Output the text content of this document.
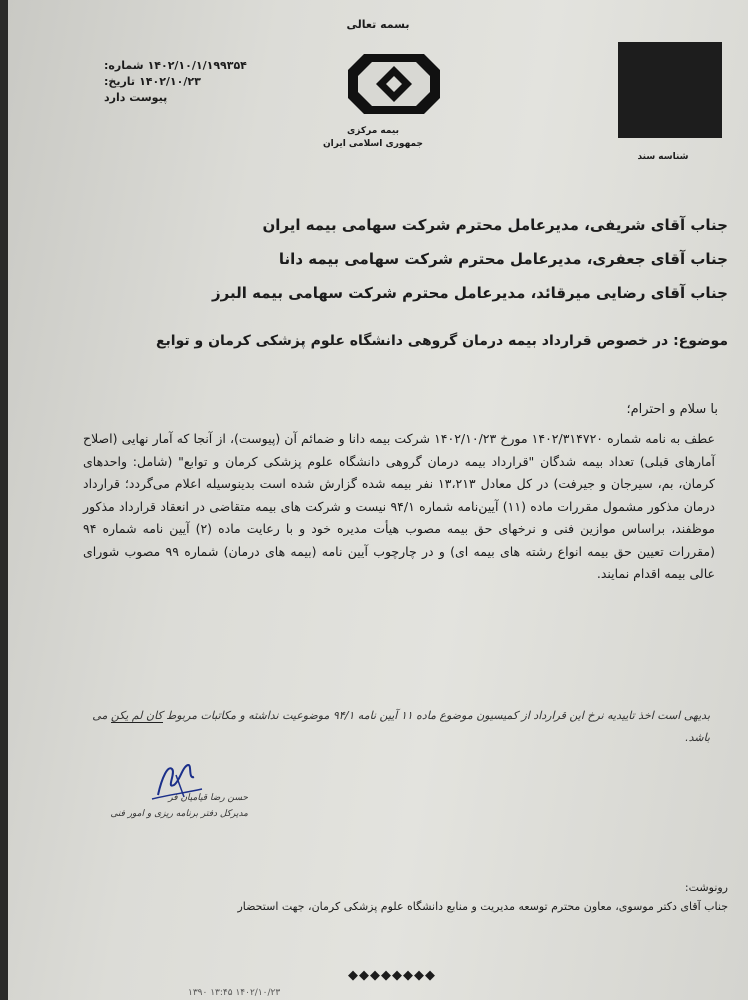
بسمه تعالی
شماره: ۱۴۰۲/۱۰/۱/۱۹۹۳۵۴
تاریخ: ۱۴۰۲/۱۰/۲۳
پیوست دارد
بیمه مرکزی
جمهوری اسلامی ایران
شناسه سند
جناب آقای شریفی، مدیرعامل محترم شرکت سهامی بیمه ایران
جناب آقای جعفری، مدیرعامل محترم شرکت سهامی بیمه دانا
جناب آقای رضایی میرقائد، مدیرعامل محترم شرکت سهامی بیمه البرز
موضوع: در خصوص قرارداد بیمه درمان گروهی دانشگاه علوم پزشکی کرمان و توابع
با سلام و احترام؛
عطف به نامه شماره ۱۴۰۲/۳۱۴۷۲۰ مورخ ۱۴۰۲/۱۰/۲۳ شرکت بیمه دانا و ضمائم آن (پیوست)، از آنجا که آمار نهایی (اصلاح آمارهای قبلی) تعداد بیمه شدگان "قرارداد بیمه درمان گروهی دانشگاه علوم پزشکی کرمان و توابع" (شامل: واحدهای کرمان، بم، سیرجان و جیرفت) در کل معادل ۱۳،۲۱۳ نفر بیمه شده گزارش شده است بدینوسیله اعلام می‌گردد؛ قرارداد درمان مذکور مشمول مقررات ماده (۱۱) آیین‌نامه شماره ۹۴/۱ نیست و شرکت های بیمه متقاضی در انعقاد قرارداد مذکور موظفند، براساس موازین فنی و نرخهای حق بیمه مصوب هیأت مدیره خود و با رعایت ماده (۲) آیین نامه شماره ۹۴ (مقررات تعیین حق بیمه انواع رشته های بیمه ای) و در چارچوب آیین نامه (بیمه های درمان) شماره ۹۹ مصوب شورای عالی بیمه اقدام نمایند.
بدیهی است اخذ تاییدیه نرخ این قرارداد از کمیسیون موضوع ماده ۱۱ آیین نامه ۹۴/۱ موضوعیت نداشته و مکاتبات مربوط کان لم یکن می باشد.
حسن رضا قیامیان فر
مدیرکل دفتر برنامه ریزی و امور فنی
رونوشت:
جناب آقای دکتر موسوی، معاون محترم توسعه مدیریت و منابع دانشگاه علوم پزشکی کرمان، جهت استحضار
◆◆◆◆◆◆◆◆
۱۴۰۲/۱۰/۲۳ ۱۳:۴۵ ۱۳۹۰
